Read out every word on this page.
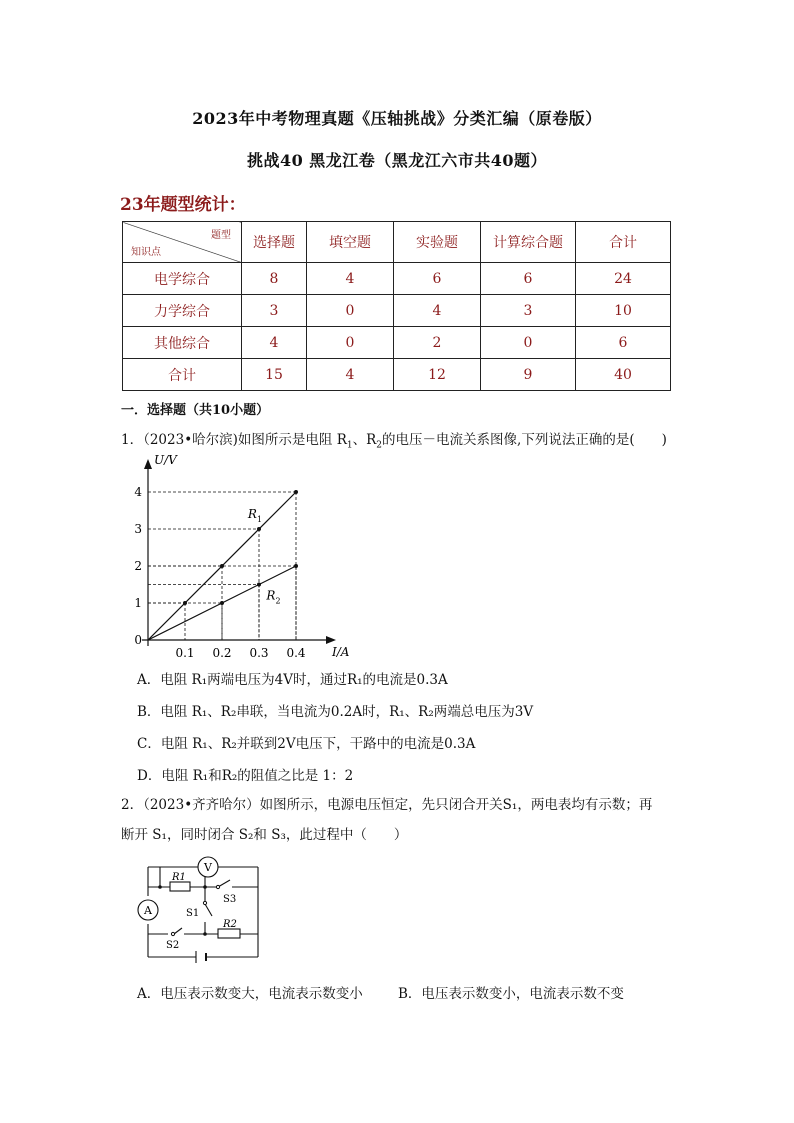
2023年中考物理真题《压轴挑战》分类汇编（原卷版）
挑战40 黑龙江卷（黑龙江六市共40题）
23年题型统计：
题型
知识点	选择题	填空题	实验题	计算综合题	合计
电学综合	8	4	6	6	24
力学综合	3	0	4	3	10
其他综合	4	0	2	0	6
合计	15	4	12	9	40
一．选择题（共10小题）
1．（2023•哈尔滨)如图所示是电阻 $R_1$、$R_2$的电压－电流关系图像,下列说法正确的是(　　)
$R_1$
$R_2$
0.1 0.2 0.3 0.4
1
2
3
4
0
I/A
U/V
A．电阻 R₁两端电压为4V时，通过R₁的电流是0.3A
B．电阻 R₁、R₂串联，当电流为0.2A时，R₁、R₂两端总电压为3V
C．电阻 R₁、R₂并联到2V电压下，干路中的电流是0.3A
D．电阻 R₁和R₂的阻值之比是 1：2
2．（2023•齐齐哈尔）如图所示，电源电压恒定，先只闭合开关S₁，两电表均有示数；再
断开 S₁，同时闭合 S₂和 S₃，此过程中（　　）
V
A
R1
R2
S1
S2
S3
A．电压表示数变大，电流表示数变小	B．电压表示数变小，电流表示数不变
